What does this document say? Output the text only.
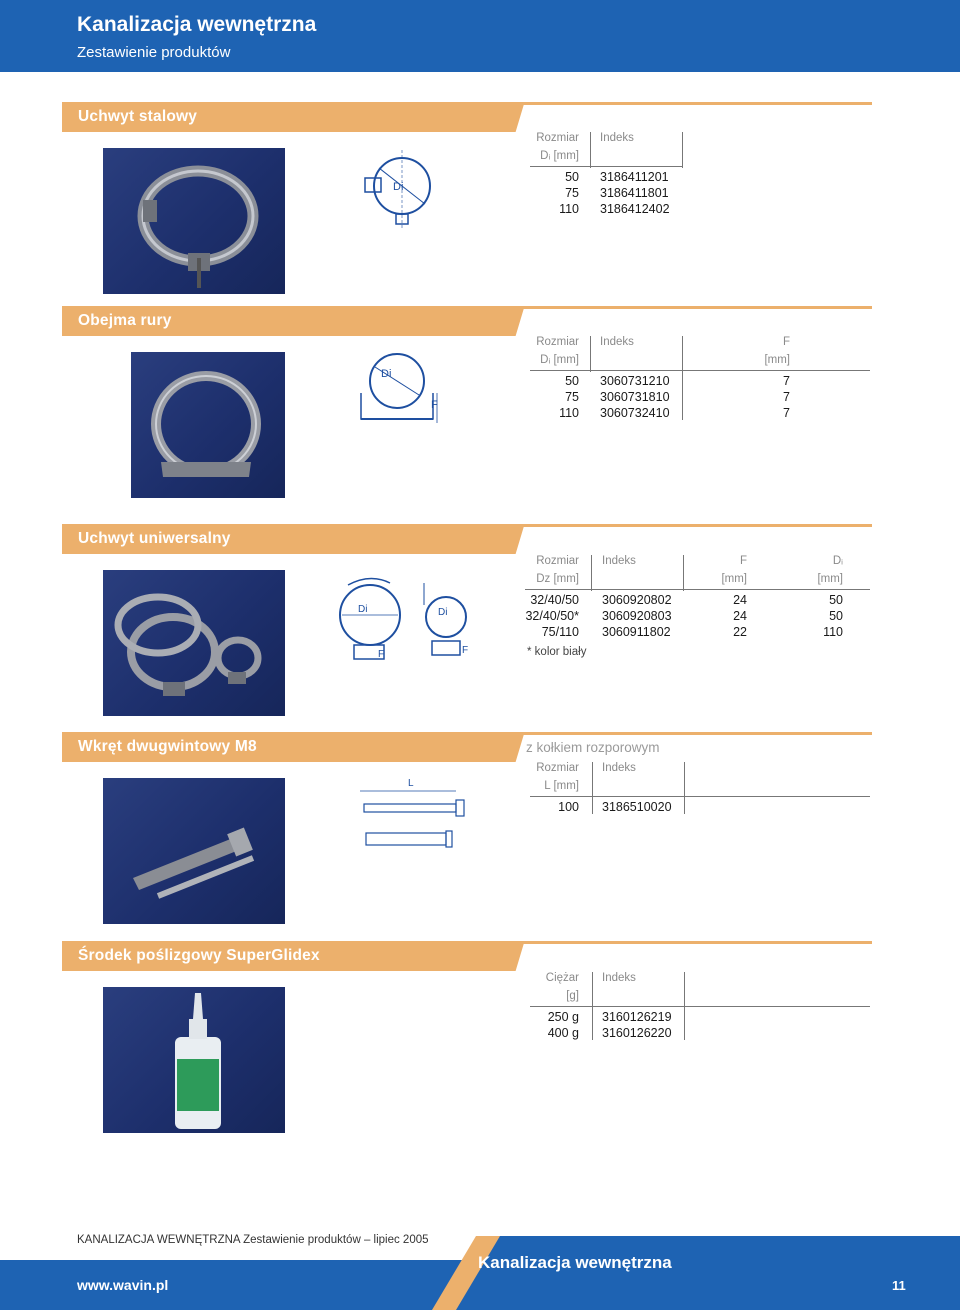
Kanalizacja wewnętrzna
Zestawienie produktów
Uchwyt stalowy
Di
Rozmiar Indeks
Dᵢ [mm]
50 3186411201
75 3186411801
110 3186412402
Obejma rury
Di
F
Rozmiar Indeks	F
Dᵢ [mm]	[mm]
50 3060731210	7
75 3060731810	7
110 3060732410	7
Uchwyt uniwersalny
Di
F
Di
F
Rozmiar Indeks	F	Dᵢ
Dz [mm]	[mm]	[mm]
32/40/50 3060920802	24	50
32/40/50* 3060920803	24	50
75/110 3060911802	22	110
* kolor biały
Wkręt dwugwintowy M8	z kołkiem rozporowym
L
Rozmiar Indeks
L [mm]
100 3186510020
Środek poślizgowy SuperGlidex
Ciężar Indeks
[g]
250 g 3160126219
400 g 3160126220
KANALIZACJA WEWNĘTRZNA Zestawienie produktów – lipiec 2005
Kanalizacja wewnętrzna
www.wavin.pl	11
